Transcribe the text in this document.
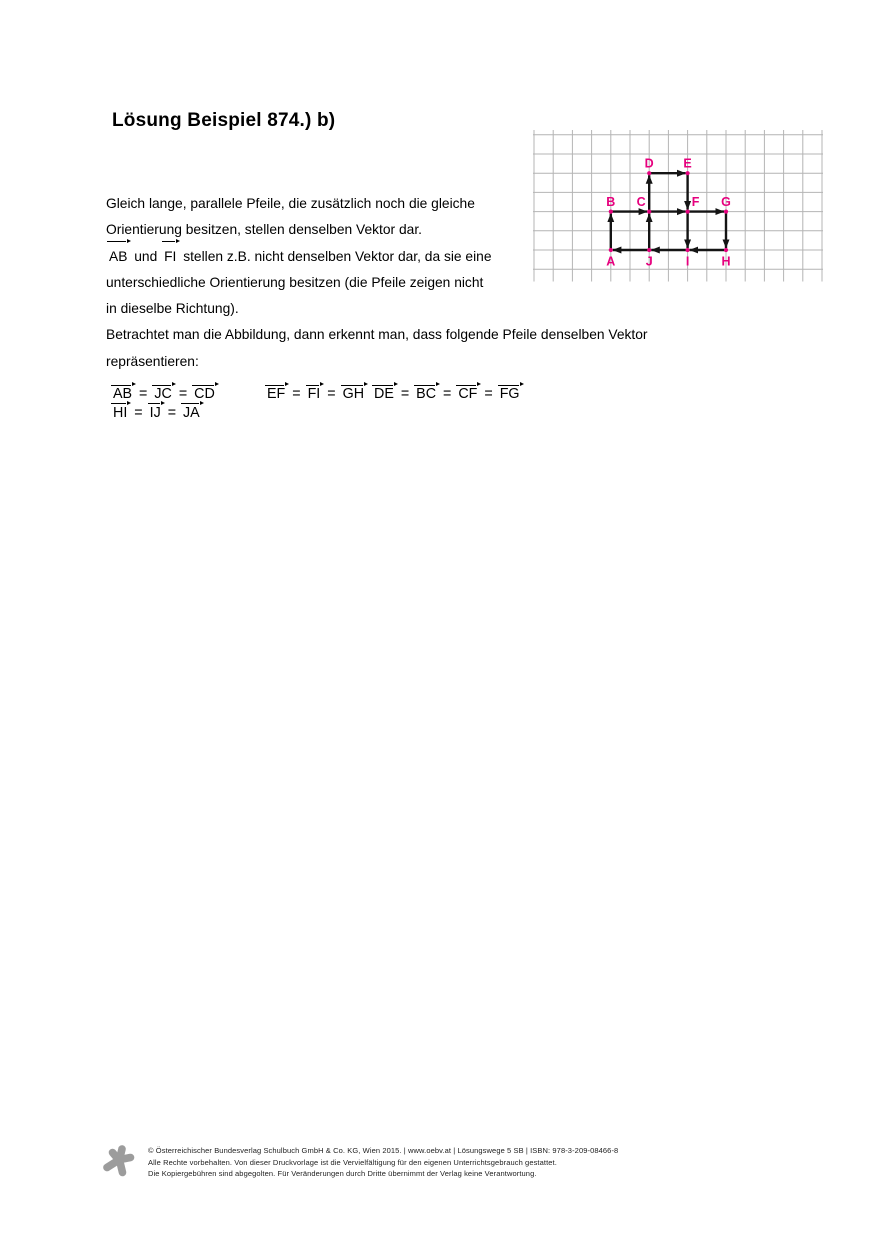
Lösung Beispiel 874.) b)
A
B C
D E
F G
H
I
J
Gleich lange, parallele Pfeile, die zusätzlich noch die gleiche
Orientierung besitzen, stellen denselben Vektor dar.
AB und FI stellen z.B. nicht denselben Vektor dar, da sie eine
unterschiedliche Orientierung besitzen (die Pfeile zeigen nicht
in dieselbe Richtung).
Betrachtet man die Abbildung, dann erkennt man, dass folgende Pfeile denselben Vektor
repräsentieren:
AB = JC = CD	EF = FI = GH DE = BC = CF = FG
HI = IJ = JA
© Österreichischer Bundesverlag Schulbuch GmbH & Co. KG, Wien 2015. | www.oebv.at | Lösungswege 5 SB | ISBN: 978-3-209-08466-8
Alle Rechte vorbehalten. Von dieser Druckvorlage ist die Vervielfältigung für den eigenen Unterrichtsgebrauch gestattet.
Die Kopiergebühren sind abgegolten. Für Veränderungen durch Dritte übernimmt der Verlag keine Verantwortung.
